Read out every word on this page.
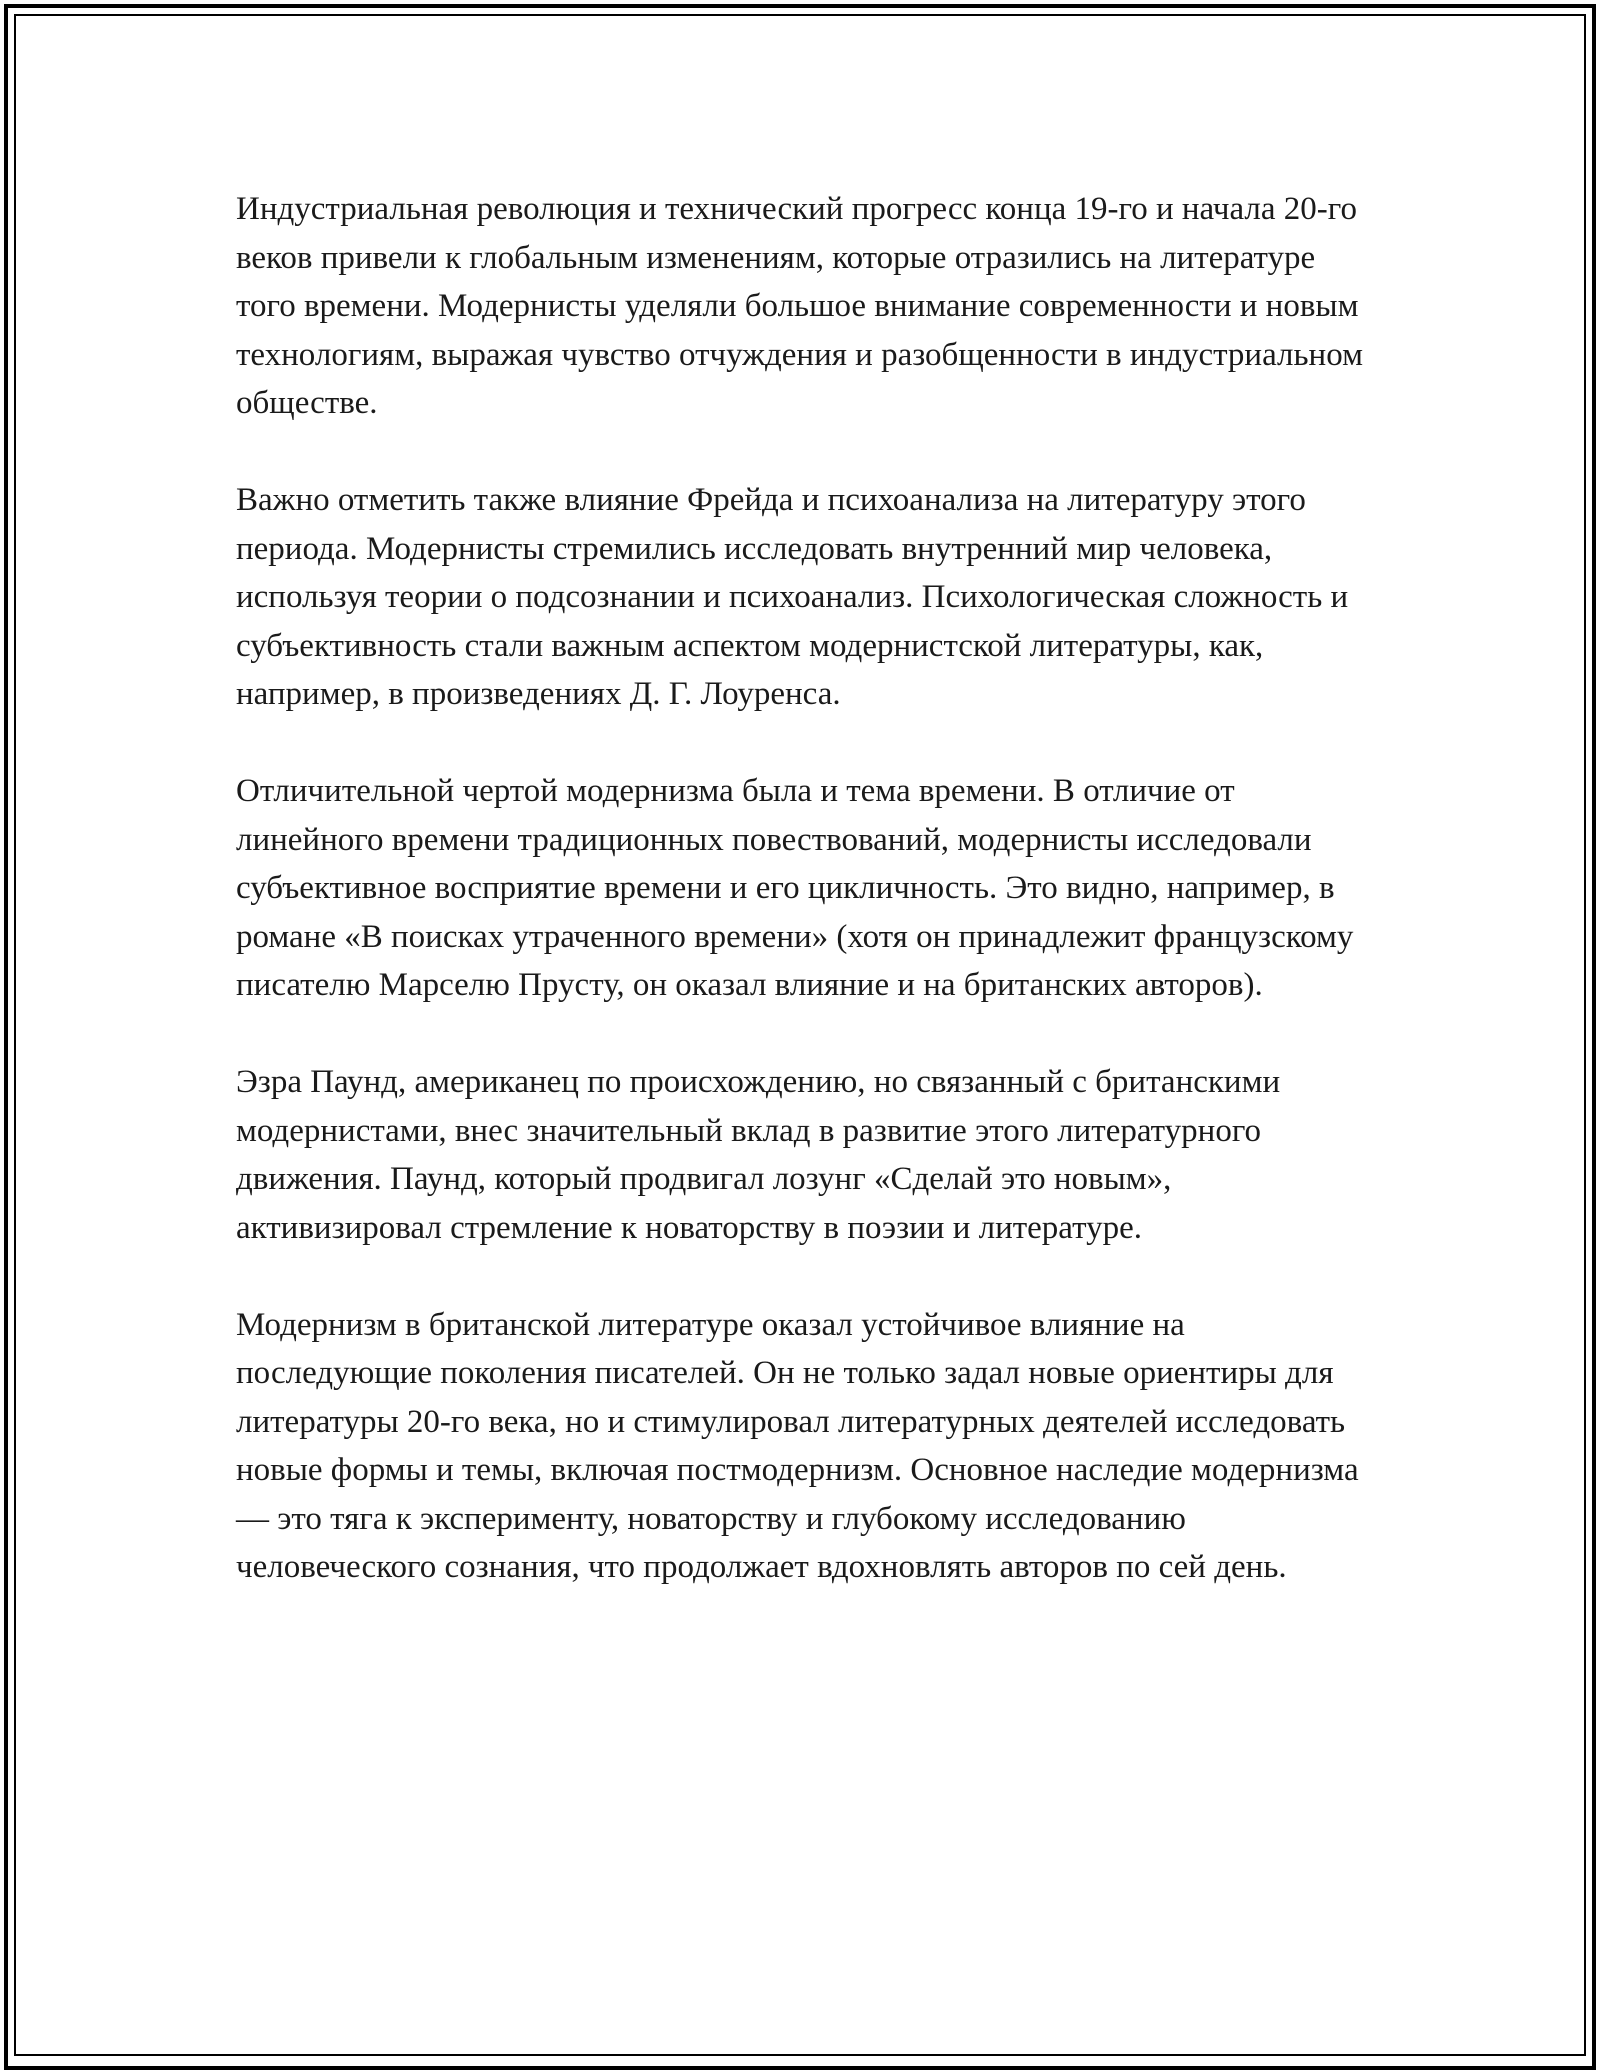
Индустриальная революция и технический прогресс конца 19-го и начала 20-го веков привели к глобальным изменениям, которые отразились на литературе того времени. Модернисты уделяли большое внимание современности и новым технологиям, выражая чувство отчуждения и разобщенности в индустриальном обществе.

Важно отметить также влияние Фрейда и психоанализа на литературу этого периода. Модернисты стремились исследовать внутренний мир человека, используя теории о подсознании и психоанализ. Психологическая сложность и субъективность стали важным аспектом модернистской литературы, как, например, в произведениях Д. Г. Лоуренса.

Отличительной чертой модернизма была и тема времени. В отличие от линейного времени традиционных повествований, модернисты исследовали субъективное восприятие времени и его цикличность. Это видно, например, в романе «В поисках утраченного времени» (хотя он принадлежит французскому писателю Марселю Прусту, он оказал влияние и на британских авторов).

Эзра Паунд, американец по происхождению, но связанный с британскими модернистами, внес значительный вклад в развитие этого литературного движения. Паунд, который продвигал лозунг «Сделай это новым», активизировал стремление к новаторству в поэзии и литературе.

Модернизм в британской литературе оказал устойчивое влияние на последующие поколения писателей. Он не только задал новые ориентиры для литературы 20-го века, но и стимулировал литературных деятелей исследовать новые формы и темы, включая постмодернизм. Основное наследие модернизма — это тяга к эксперименту, новаторству и глубокому исследованию человеческого сознания, что продолжает вдохновлять авторов по сей день.
